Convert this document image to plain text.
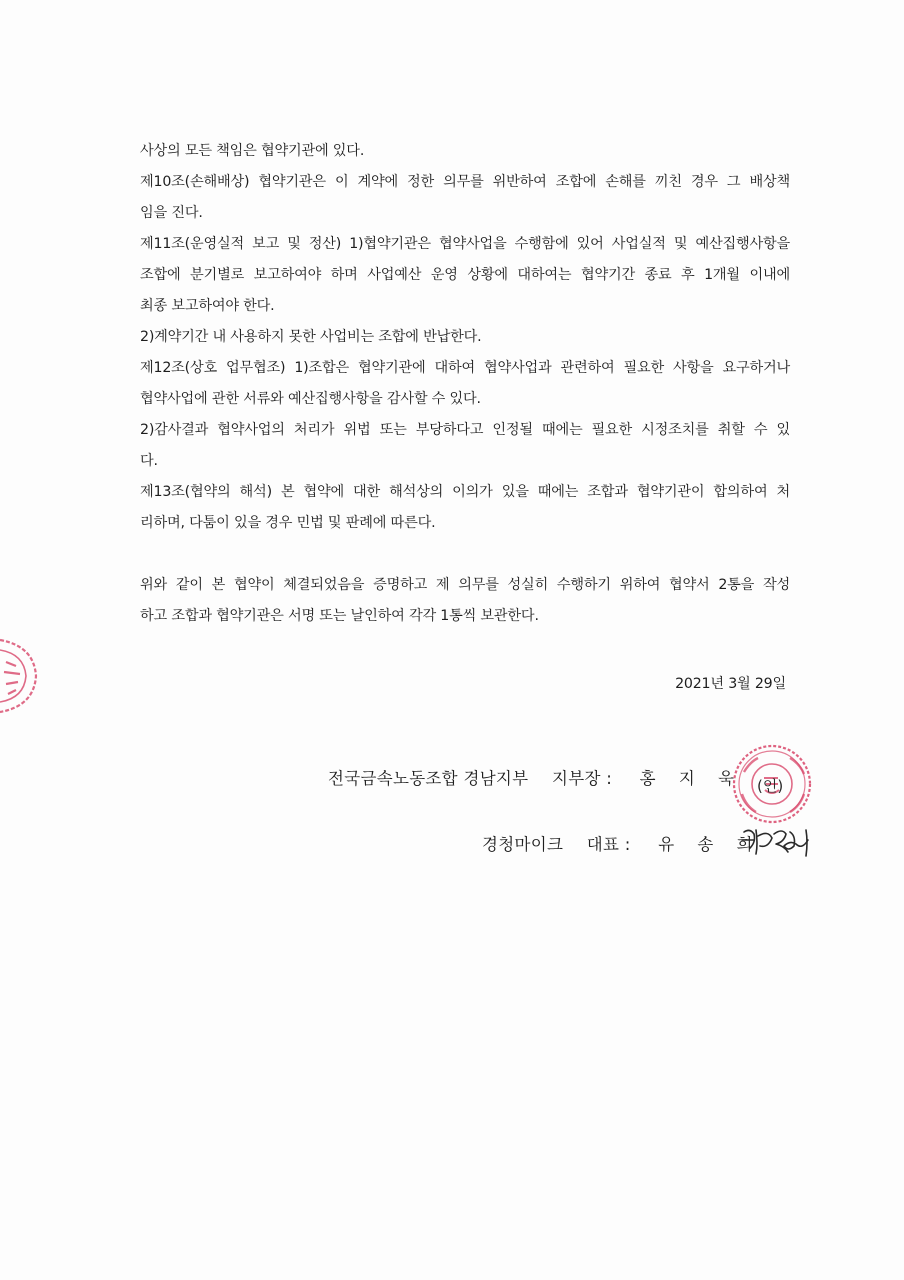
사상의 모든 책임은 협약기관에 있다.
제10조(손해배상) 협약기관은 이 계약에 정한 의무를 위반하여 조합에 손해를 끼친 경우 그 배상책
임을 진다.
제11조(운영실적 보고 및 정산) 1)협약기관은 협약사업을 수행함에 있어 사업실적 및 예산집행사항을
조합에 분기별로 보고하여야 하며 사업예산 운영 상황에 대하여는 협약기간 종료 후 1개월 이내에
최종 보고하여야 한다.
2)계약기간 내 사용하지 못한 사업비는 조합에 반납한다.
제12조(상호 업무협조) 1)조합은 협약기관에 대하여 협약사업과 관련하여 필요한 사항을 요구하거나
협약사업에 관한 서류와 예산집행사항을 감사할 수 있다.
2)감사결과 협약사업의 처리가 위법 또는 부당하다고 인정될 때에는 필요한 시정조치를 취할 수 있
다.
제13조(협약의 해석) 본 협약에 대한 해석상의 이의가 있을 때에는 조합과 협약기관이 합의하여 처
리하며, 다툼이 있을 경우 민법 및 판례에 따른다.
위와 같이 본 협약이 체결되었음을 증명하고 제 의무를 성실히 수행하기 위하여 협약서 2통을 작성
하고 조합과 협약기관은 서명 또는 날인하여 각각 1통씩 보관한다.
2021년 3월 29일
전국금속노동조합 경남지부 지부장 : 홍 지 욱
경청마이크 대표 : 유 송 희
(인)
